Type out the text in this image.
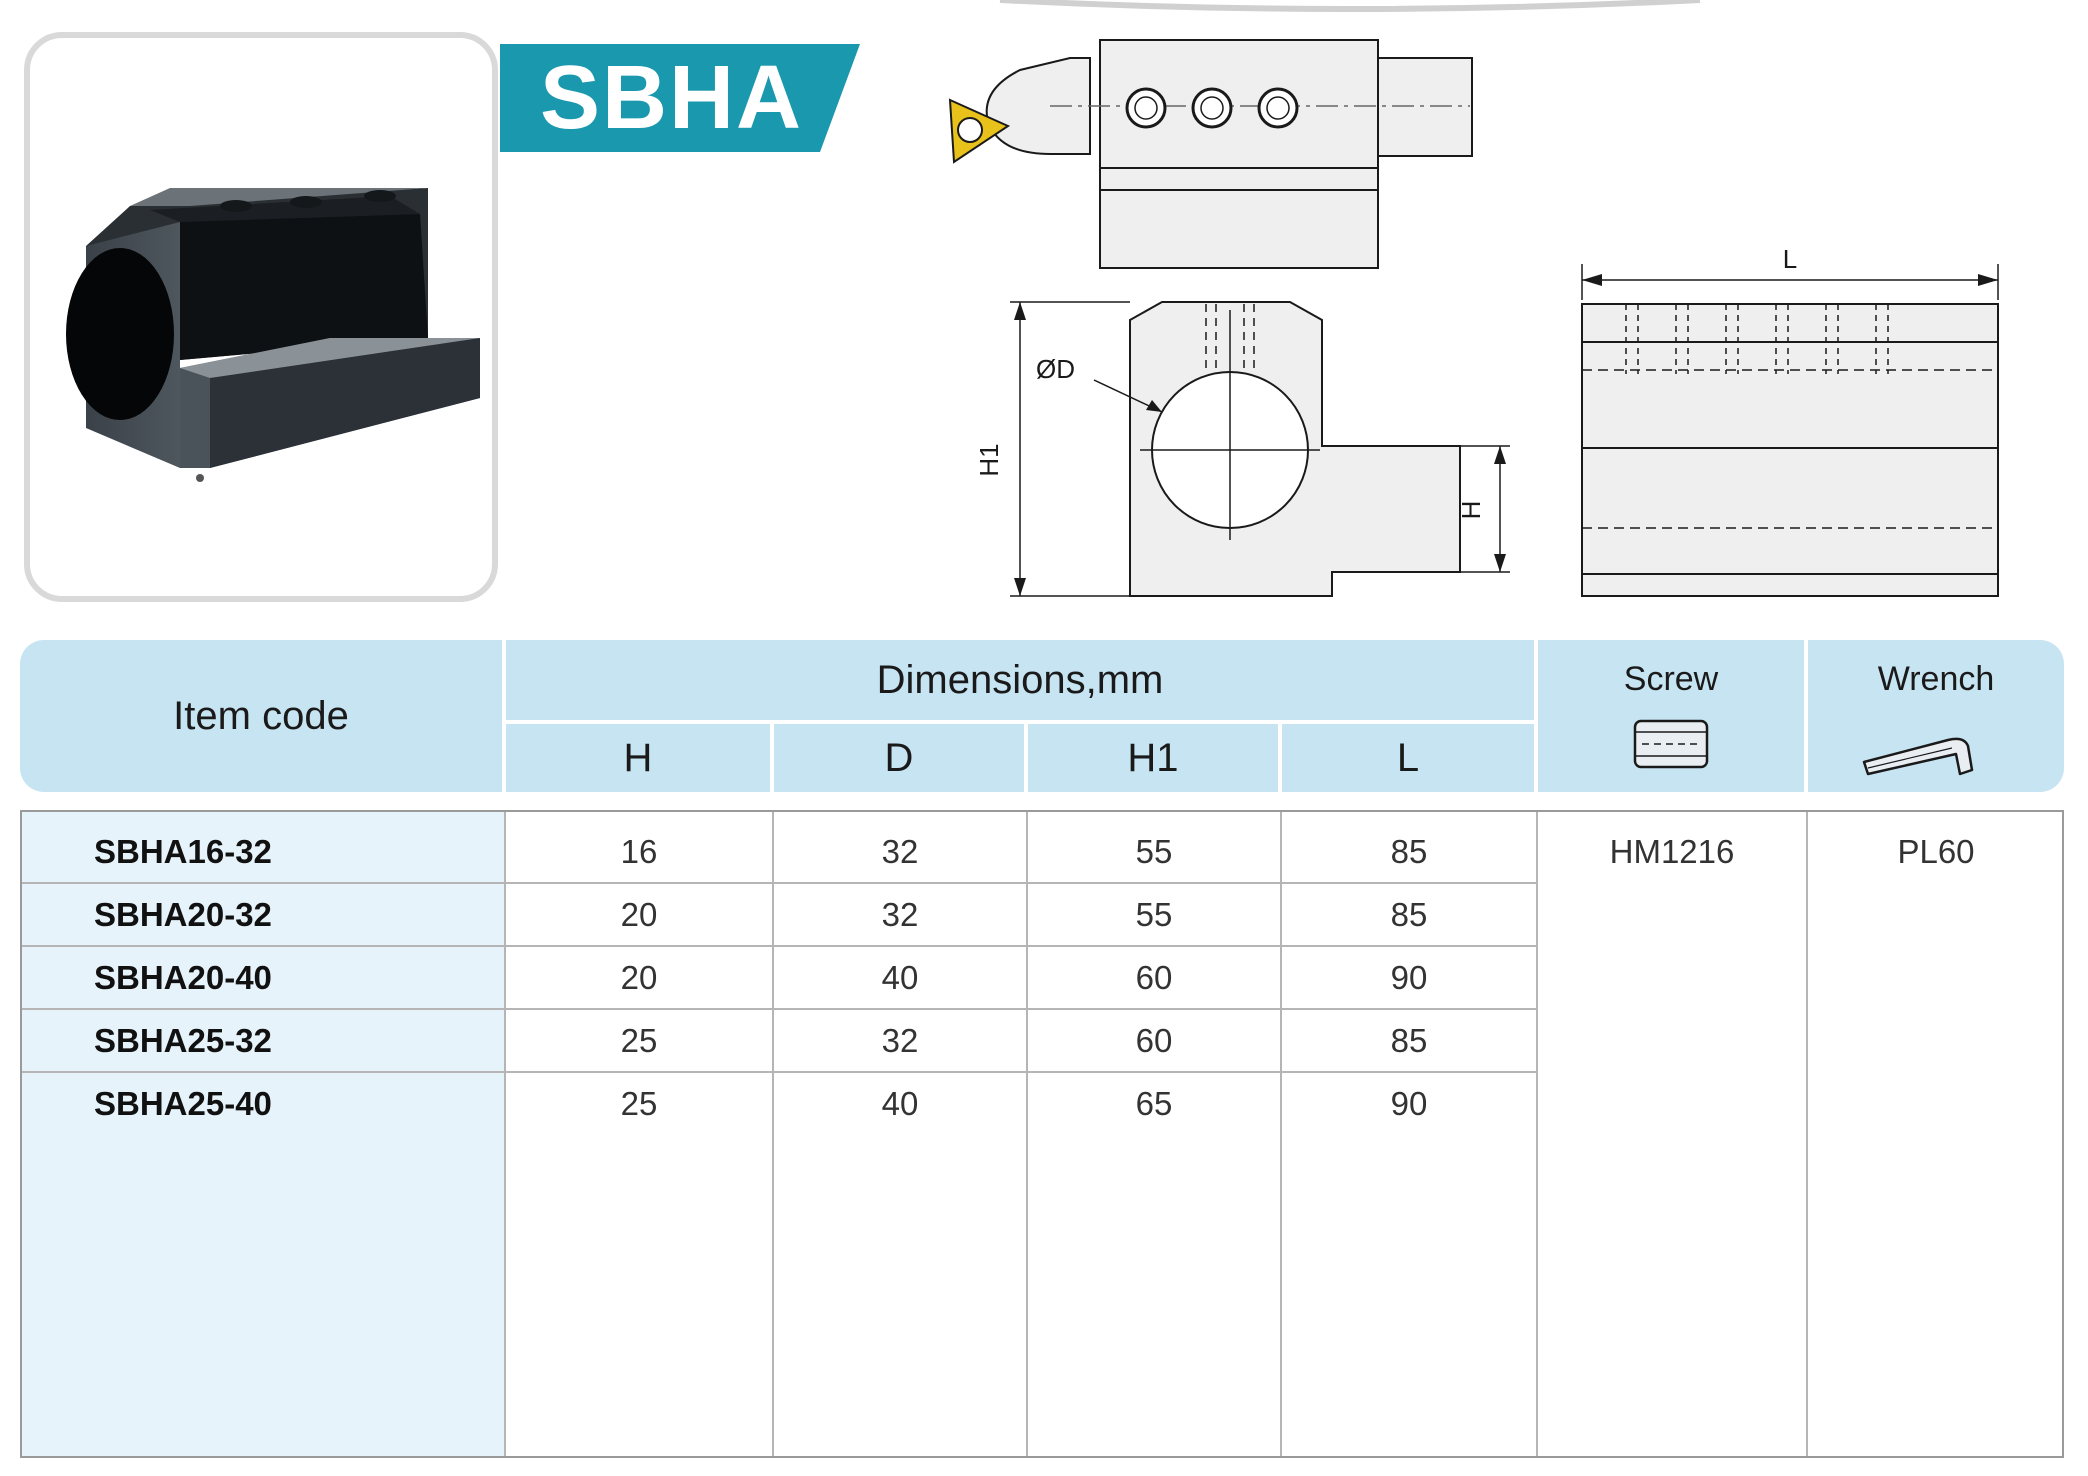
SBHA
ØD
H1
H
L
Item code
Dimensions,mm
H	D	H1	L
Screw	Wrench
SBHA16-32	16	32	55	85
SBHA20-32	20	32	55	85
SBHA20-40	20	40	60	90
SBHA25-32	25	32	60	85
SBHA25-40	25	40	65	90
HM1216	PL60
